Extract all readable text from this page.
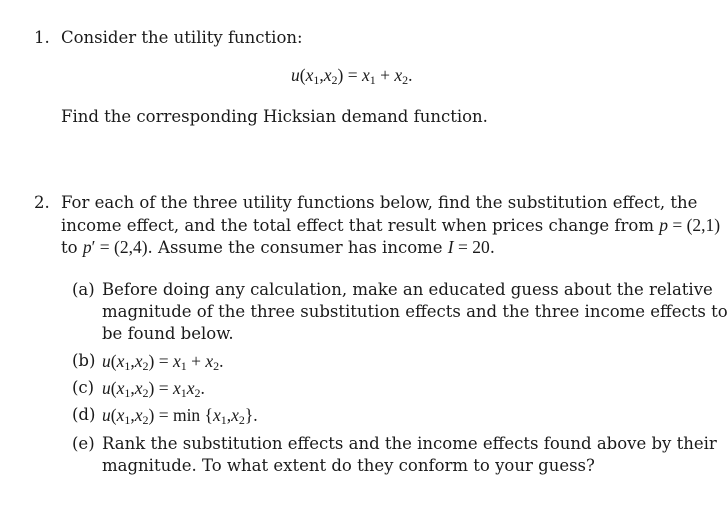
1. Consider the utility function:
$u(x_1,x_2) = x_1 + x_2$.
Find the corresponding Hicksian demand function.
2. For each of the three utility functions below, find the substitution effect, the
income effect, and the total effect that result when prices change from p = (2,1)
to p′ = (2,4). Assume the consumer has income I = 20.
(a) Before doing any calculation, make an educated guess about the relative
magnitude of the three substitution effects and the three income effects to
be found below.
(b) $u(x_1,x_2) = x_1 + x_2$.
(c) $u(x_1,x_2) = x_1x_2$.
(d) $u(x_1,x_2) = \min \{x_1,x_2\}$.
(e) Rank the substitution effects and the income effects found above by their
magnitude. To what extent do they conform to your guess?
